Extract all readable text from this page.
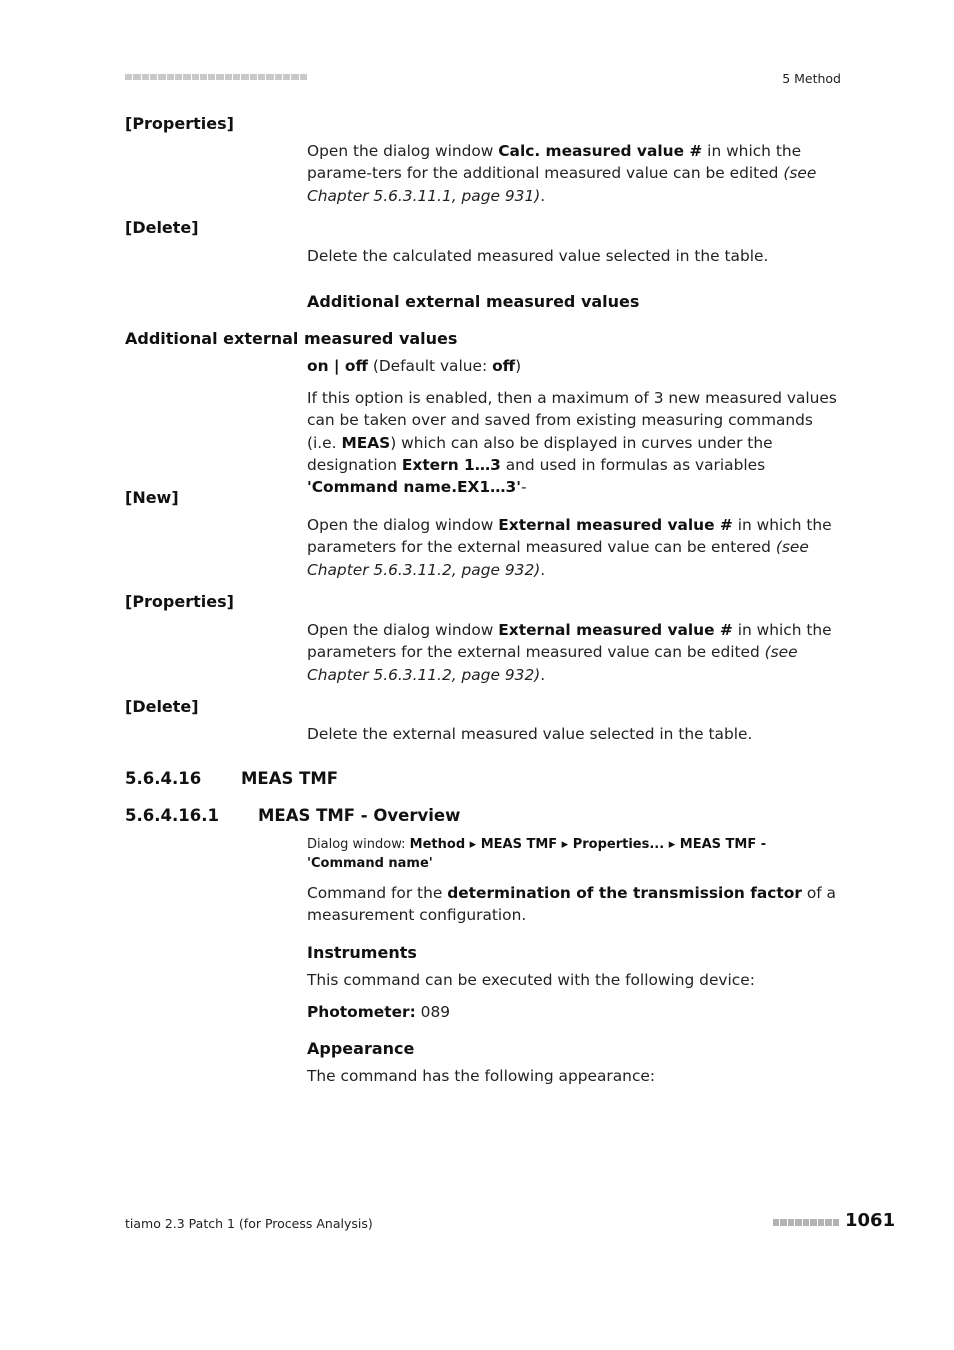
5 Method
[Properties]
Open the dialog window Calc. measured value # in which the parame-ters for the additional measured value can be edited (see Chapter 5.6.3.11.1, page 931).
[Delete]
Delete the calculated measured value selected in the table.
Additional external measured values
Additional external measured values
on | off (Default value: off)
If this option is enabled, then a maximum of 3 new measured values can be taken over and saved from existing measuring commands (i.e. MEAS) which can also be displayed in curves under the designation Extern 1…3 and used in formulas as variables 'Command name.EX1…3'-
[New]
Open the dialog window External measured value # in which the parameters for the external measured value can be entered (see Chapter 5.6.3.11.2, page 932).
[Properties]
Open the dialog window External measured value # in which the parameters for the external measured value can be edited (see Chapter 5.6.3.11.2, page 932).
[Delete]
Delete the external measured value selected in the table.
5.6.4.16 MEAS TMF
5.6.4.16.1 MEAS TMF - Overview
Dialog window: Method ▸ MEAS TMF ▸ Properties... ▸ MEAS TMF - 'Command name'
Command for the determination of the transmission factor of a measurement configuration.
Instruments
This command can be executed with the following device:
Photometer: 089
Appearance
The command has the following appearance:
tiamo 2.3 Patch 1 (for Process Analysis)	1061
